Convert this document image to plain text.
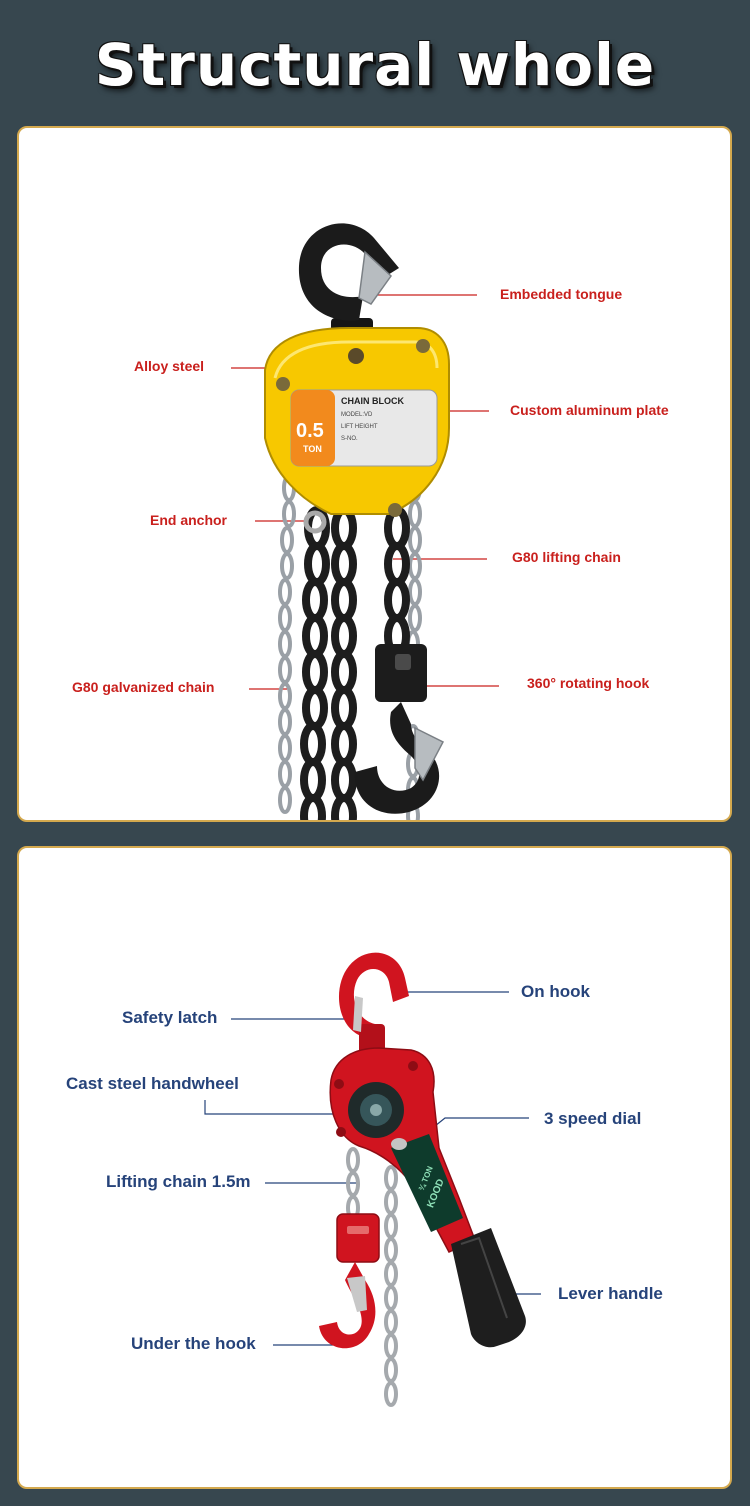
Structural whole
0.5
TON
CHAIN BLOCK
MODEL:VD
LIFT HEIGHT
S-NO.
Embedded tongue
Alloy steel
Custom aluminum plate
End anchor
G80 lifting chain
G80 galvanized chain	360° rotating hook
¾ TON
KOOD
On hook
Safety latch
Cast steel handwheel
3 speed dial
Lifting chain 1.5m
Lever handle
Under the hook
